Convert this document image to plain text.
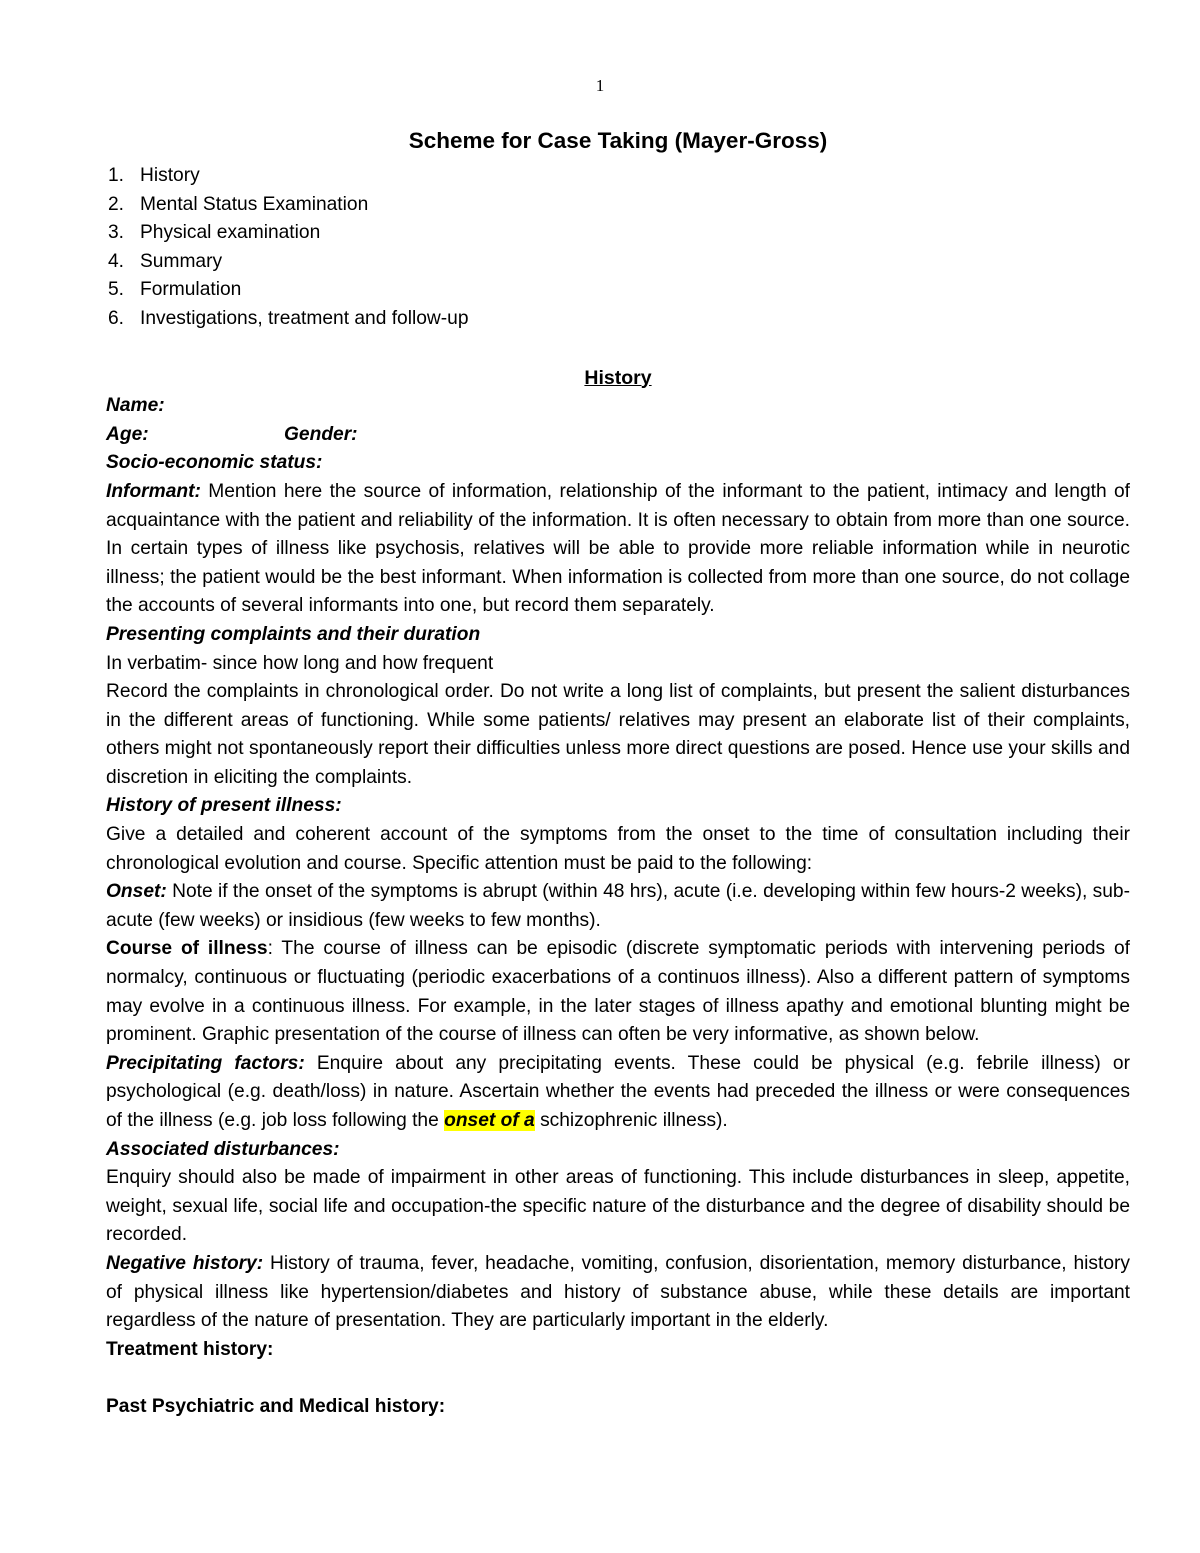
1
Scheme for Case Taking (Mayer-Gross)
1. History
2. Mental Status Examination
3. Physical examination
4. Summary
5. Formulation
6. Investigations, treatment and follow-up
History
Name:
Age:	Gender:
Socio-economic status:

Informant: Mention here the source of information, relationship of the informant to the patient, intimacy and length of acquaintance with the patient and reliability of the information. It is often necessary to obtain from more than one source. In certain types of illness like psychosis, relatives will be able to provide more reliable information while in neurotic illness; the patient would be the best informant. When information is collected from more than one source, do not collage the accounts of several informants into one, but record them separately.

Presenting complaints and their duration
In verbatim- since how long and how frequent

Record the complaints in chronological order. Do not write a long list of complaints, but present the salient disturbances in the different areas of functioning. While some patients/ relatives may present an elaborate list of their complaints, others might not spontaneously report their difficulties unless more direct questions are posed. Hence use your skills and discretion in eliciting the complaints.

History of present illness:

Give a detailed and coherent account of the symptoms from the onset to the time of consultation including their chronological evolution and course. Specific attention must be paid to the following:

Onset: Note if the onset of the symptoms is abrupt (within 48 hrs), acute (i.e. developing within few hours-2 weeks), sub-acute (few weeks) or insidious (few weeks to few months).

Course of illness: The course of illness can be episodic (discrete symptomatic periods with intervening periods of normalcy, continuous or fluctuating (periodic exacerbations of a continuos illness). Also a different pattern of symptoms may evolve in a continuous illness. For example, in the later stages of illness apathy and emotional blunting might be prominent. Graphic presentation of the course of illness can often be very informative, as shown below.

Precipitating factors: Enquire about any precipitating events. These could be physical (e.g. febrile illness) or psychological (e.g. death/loss) in nature. Ascertain whether the events had preceded the illness or were consequences of the illness (e.g. job loss following the onset of a schizophrenic illness).

Associated disturbances:

Enquiry should also be made of impairment in other areas of functioning. This include disturbances in sleep, appetite, weight, sexual life, social life and occupation-the specific nature of the disturbance and the degree of disability should be recorded.

Negative history: History of trauma, fever, headache, vomiting, confusion, disorientation, memory disturbance, history of physical illness like hypertension/diabetes and history of substance abuse, while these details are important regardless of the nature of presentation. They are particularly important in the elderly.

Treatment history:
Past Psychiatric and Medical history:
